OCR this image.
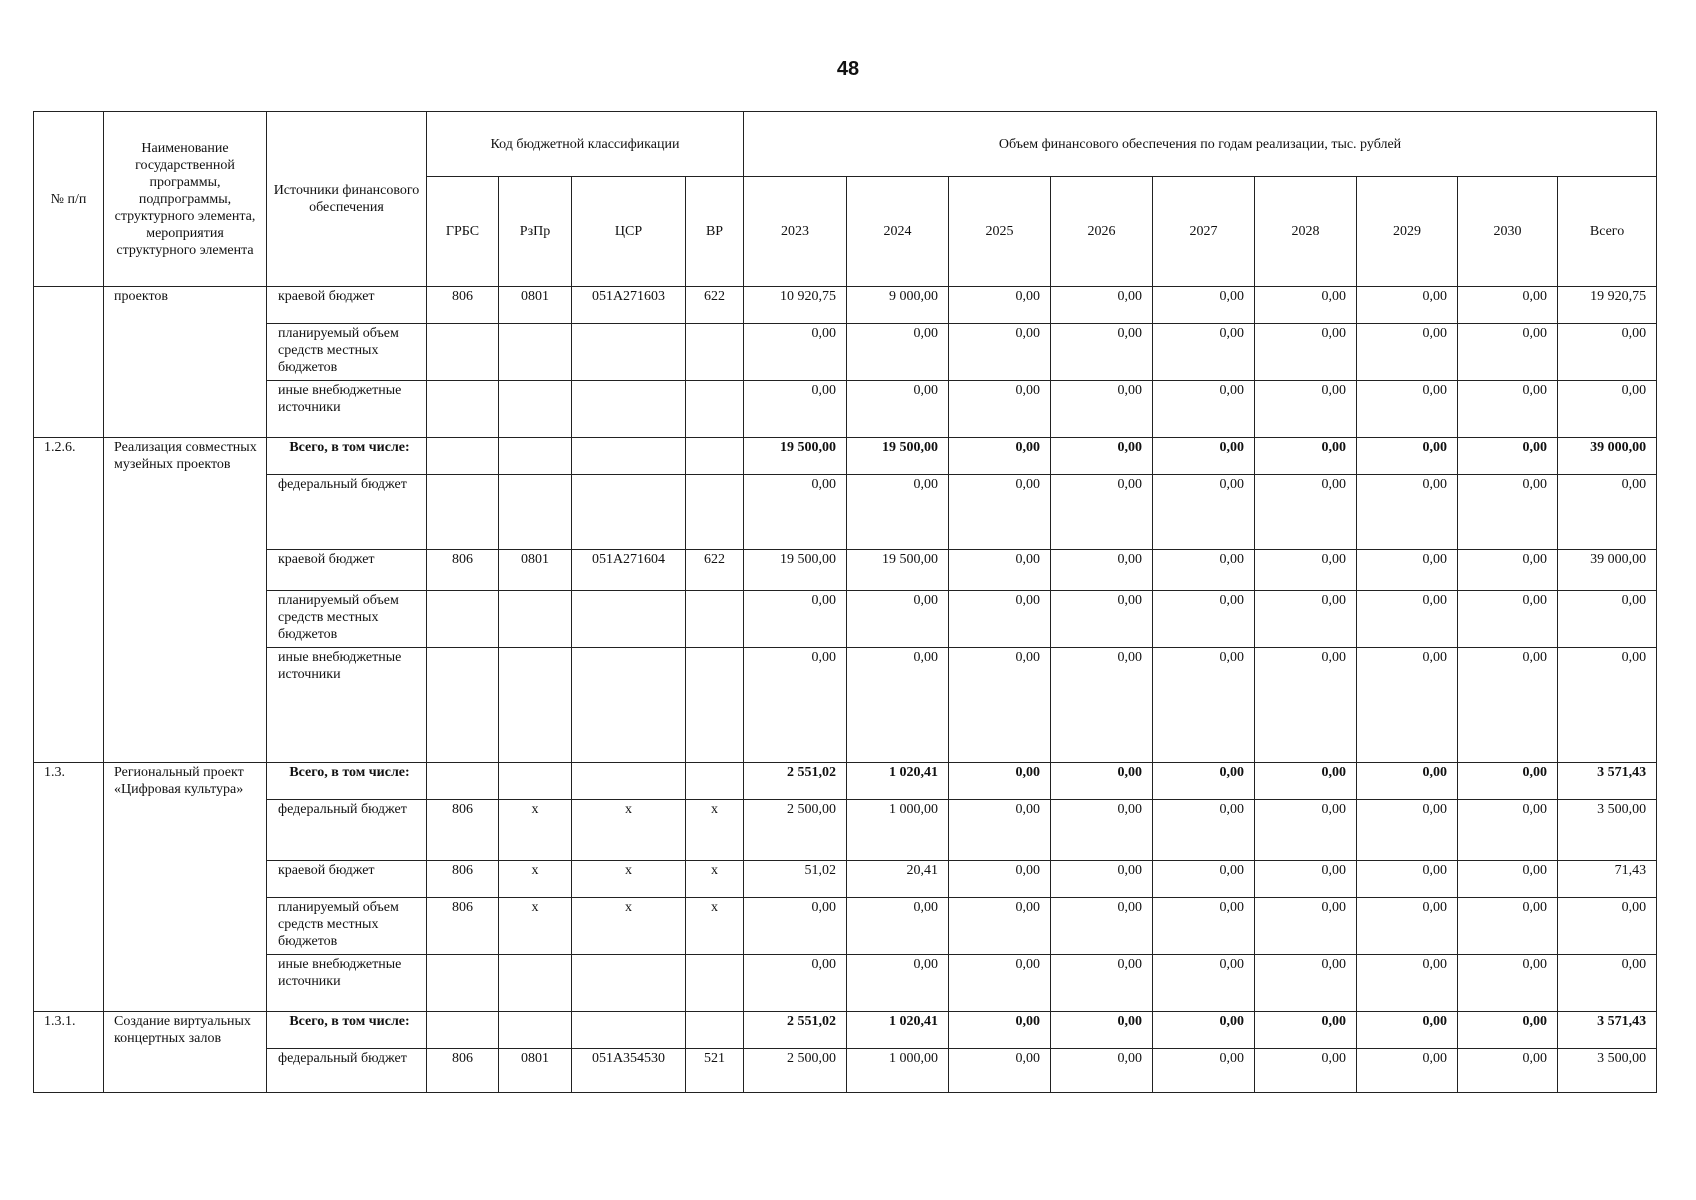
48
№ п/п	Наименование государственной программы, подпрограммы, структурного элемента, мероприятия структурного элемента	Источники финансового обеспечения	Код бюджетной классификации				Объем финансового обеспечения по годам реализации, тыс. рублей								
			ГРБС	РзПр	ЦСР	ВР	2023	2024	2025	2026	2027	2028	2029	2030	Всего
	проектов	краевой бюджет	806	0801	051А271603	622	10 920,75	9 000,00	0,00	0,00	0,00	0,00	0,00	0,00	19 920,75
		планируемый объем средств местных бюджетов					0,00	0,00	0,00	0,00	0,00	0,00	0,00	0,00	0,00
		иные внебюджетные источники					0,00	0,00	0,00	0,00	0,00	0,00	0,00	0,00	0,00
1.2.6.	Реализация совместных музейных проектов	Всего, в том числе:					19 500,00	19 500,00	0,00	0,00	0,00	0,00	0,00	0,00	39 000,00
		федеральный бюджет					0,00	0,00	0,00	0,00	0,00	0,00	0,00	0,00	0,00
		краевой бюджет	806	0801	051А271604	622	19 500,00	19 500,00	0,00	0,00	0,00	0,00	0,00	0,00	39 000,00
		планируемый объем средств местных бюджетов					0,00	0,00	0,00	0,00	0,00	0,00	0,00	0,00	0,00
		иные внебюджетные источники					0,00	0,00	0,00	0,00	0,00	0,00	0,00	0,00	0,00
1.3.	Региональный проект «Цифровая культура»	Всего, в том числе:					2 551,02	1 020,41	0,00	0,00	0,00	0,00	0,00	0,00	3 571,43
		федеральный бюджет	806	х	х	х	2 500,00	1 000,00	0,00	0,00	0,00	0,00	0,00	0,00	3 500,00
		краевой бюджет	806	х	х	х	51,02	20,41	0,00	0,00	0,00	0,00	0,00	0,00	71,43
		планируемый объем средств местных бюджетов	806	х	х	х	0,00	0,00	0,00	0,00	0,00	0,00	0,00	0,00	0,00
		иные внебюджетные источники					0,00	0,00	0,00	0,00	0,00	0,00	0,00	0,00	0,00
1.3.1.	Создание виртуальных концертных залов	Всего, в том числе:					2 551,02	1 020,41	0,00	0,00	0,00	0,00	0,00	0,00	3 571,43
		федеральный бюджет	806	0801	051А354530	521	2 500,00	1 000,00	0,00	0,00	0,00	0,00	0,00	0,00	3 500,00
